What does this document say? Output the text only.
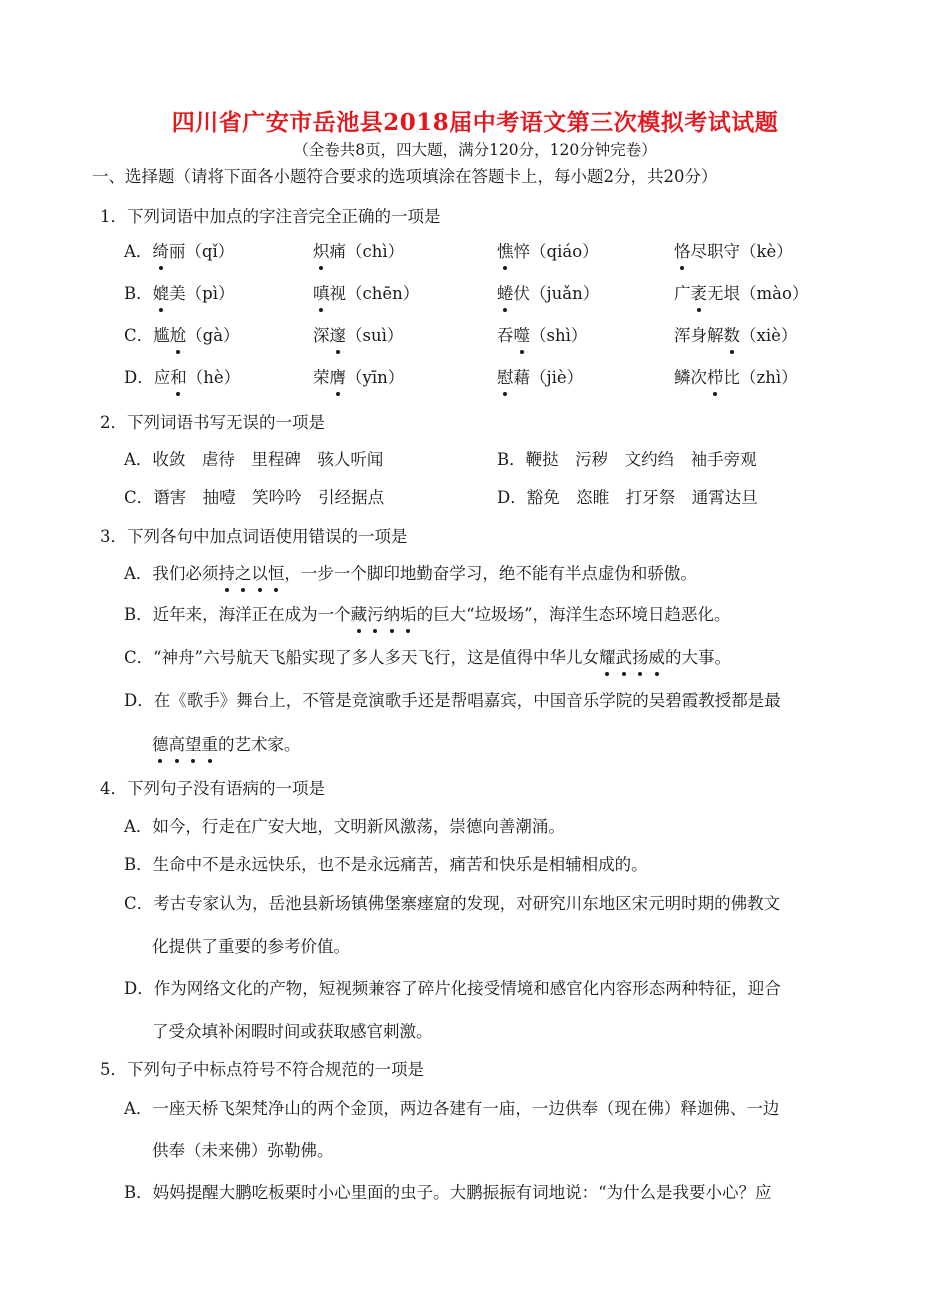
四川省广安市岳池县2018届中考语文第三次模拟考试试题
（全卷共8页，四大题，满分120分，120分钟完卷）
一、选择题（请将下面各小题符合要求的选项填涂在答题卡上，每小题2分，共20分）
1．下列词语中加点的字注音完全正确的一项是
A．绮丽（qǐ）	炽痛（chì）	憔悴（qiáo）	恪尽职守（kè）
B．媲美（pì）	嗔视（chēn）	蜷伏（juǎn）	广袤无垠（mào）
C．尴尬（gà）	深邃（suì）	吞噬（shì）	浑身解数（xiè）
D．应和（hè）	荣膺（yīn）	慰藉（jiè）	鳞次栉比（zhì）
2．下列词语书写无误的一项是
A．收敛　虐待　里程碑　骇人听闻	B．鞭挞　污秽　文约绉　袖手旁观
C．谮害　抽噎　笑吟吟　引经据点	D．豁免　恣睢　打牙祭　通霄达旦
3．下列各句中加点词语使用错误的一项是
A．我们必须持之以恒，一步一个脚印地勤奋学习，绝不能有半点虚伪和骄傲。
B．近年来，海洋正在成为一个藏污纳垢的巨大“垃圾场”，海洋生态环境日趋恶化。
C．“神舟”六号航天飞船实现了多人多天飞行，这是值得中华儿女耀武扬威的大事。
D．在《歌手》舞台上，不管是竞演歌手还是帮唱嘉宾，中国音乐学院的吴碧霞教授都是最
德高望重的艺术家。
4．下列句子没有语病的一项是
A．如今，行走在广安大地，文明新风激荡，崇德向善潮涌。
B．生命中不是永远快乐，也不是永远痛苦，痛苦和快乐是相辅相成的。
C．考古专家认为，岳池县新场镇佛堡寨瘗窟的发现，对研究川东地区宋元明时期的佛教文
化提供了重要的参考价值。
D．作为网络文化的产物，短视频兼容了碎片化接受情境和感官化内容形态两种特征，迎合
了受众填补闲暇时间或获取感官刺激。
5．下列句子中标点符号不符合规范的一项是
A．一座天桥飞架梵净山的两个金顶，两边各建有一庙，一边供奉（现在佛）释迦佛、一边
供奉（未来佛）弥勒佛。
B．妈妈提醒大鹏吃板栗时小心里面的虫子。大鹏振振有词地说：“为什么是我要小心？应
